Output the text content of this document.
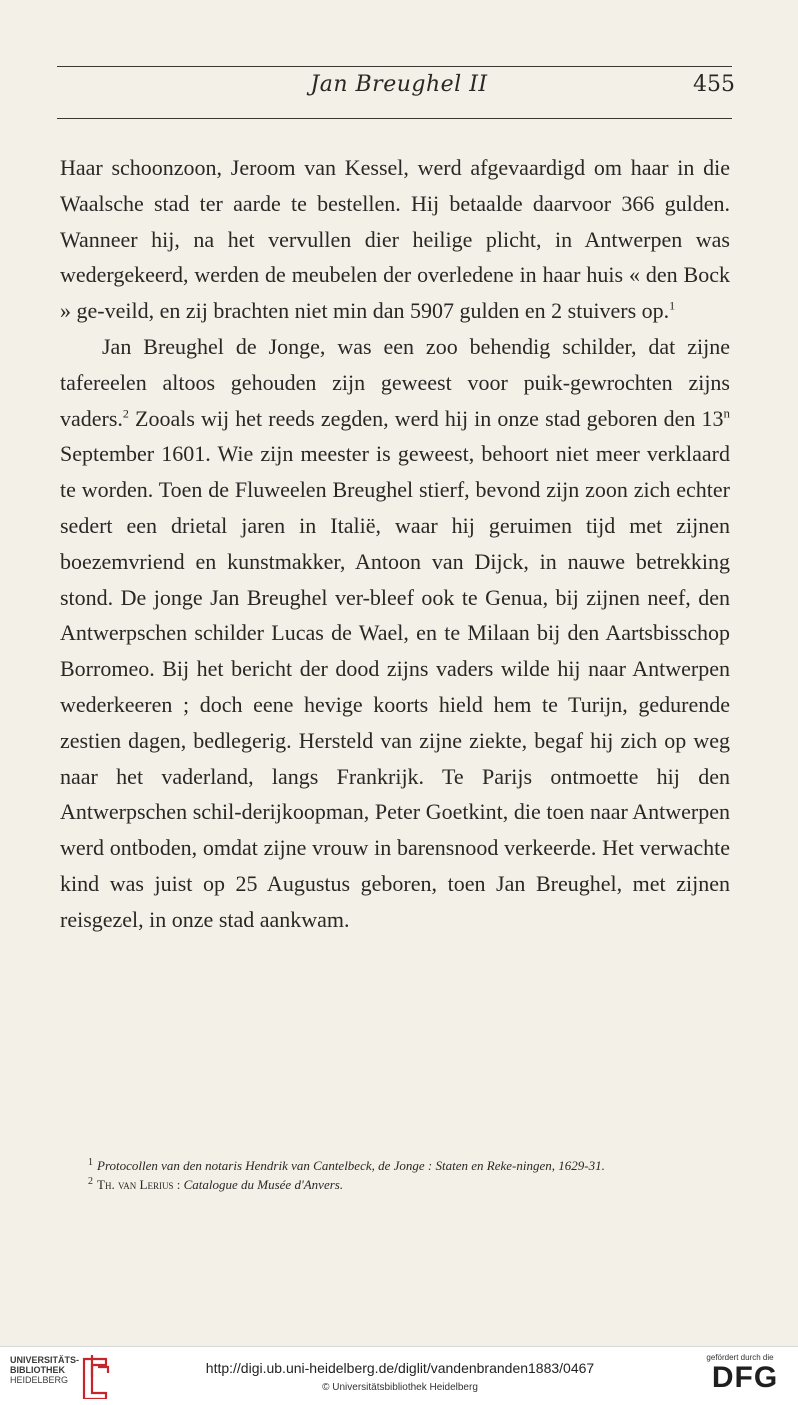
Jan Breughel II	455

Haar schoonzoon, Jeroom van Kessel, werd afgevaardigd om haar in die Waalsche stad ter aarde te bestellen. Hij betaalde daarvoor 366 gulden. Wanneer hij, na het vervullen dier heilige plicht, in Antwerpen was wedergekeerd, werden de meubelen der overledene in haar huis « den Bock » ge-veild, en zij brachten niet min dan 5907 gulden en 2 stuivers op.$^1$

Jan Breughel de Jonge, was een zoo behendig schilder, dat zijne tafereelen altoos gehouden zijn geweest voor puik-gewrochten zijns vaders.$^2$ Zooals wij het reeds zegden, werd hij in onze stad geboren den 13$^n$ September 1601. Wie zijn meester is geweest, behoort niet meer verklaard te worden. Toen de Fluweelen Breughel stierf, bevond zijn zoon zich echter sedert een drietal jaren in Italië, waar hij geruimen tijd met zijnen boezemvriend en kunstmakker, Antoon van Dijck, in nauwe betrekking stond. De jonge Jan Breughel ver-bleef ook te Genua, bij zijnen neef, den Antwerpschen schilder Lucas de Wael, en te Milaan bij den Aartsbisschop Borromeo. Bij het bericht der dood zijns vaders wilde hij naar Antwerpen wederkeeren ; doch eene hevige koorts hield hem te Turijn, gedurende zestien dagen, bedlegerig. Hersteld van zijne ziekte, begaf hij zich op weg naar het vaderland, langs Frankrijk. Te Parijs ontmoette hij den Antwerpschen schil-derijkoopman, Peter Goetkint, die toen naar Antwerpen werd ontboden, omdat zijne vrouw in barensnood verkeerde. Het verwachte kind was juist op 25 Augustus geboren, toen Jan Breughel, met zijnen reisgezel, in onze stad aankwam.

$^1$ Protocollen van den notaris Hendrik van Cantelbeck, de Jonge : Staten en Reke-ningen, 1629-31.

$^2$ Th. van Lerius : Catalogue du Musée d'Anvers.

UNIVERSITÄTS-
BIBLIOTHEK
HEIDELBERG
http://digi.ub.uni-heidelberg.de/diglit/vandenbranden1883/0467
© Universitätsbibliothek Heidelberg
gefördert durch die
DFG
